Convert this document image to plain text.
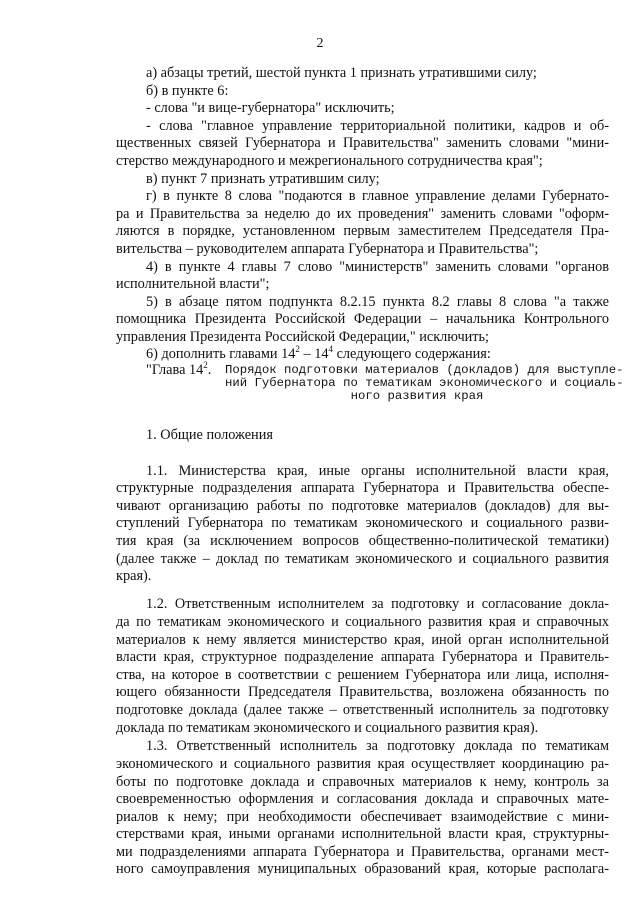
2
а) абзацы третий, шестой пункта 1 признать утратившими силу;
б) в пункте 6:
- слова "и вице-губернатора" исключить;
- слова "главное управление территориальной политики, кадров и об-
щественных связей Губернатора и Правительства" заменить словами "мини-
стерство международного и межрегионального сотрудничества края";
в) пункт 7 признать утратившим силу;
г) в пункте 8 слова "подаются в главное управление делами Губернато-
ра и Правительства за неделю до их проведения" заменить словами "оформ-
ляются в порядке, установленном первым заместителем Председателя Пра-
вительства – руководителем аппарата Губернатора и Правительства";
4) в пункте 4 главы 7 слово "министерств" заменить словами "органов
исполнительной власти";
5) в абзаце пятом подпункта 8.2.15 пункта 8.2 главы 8 слова "а также
помощника Президента Российской Федерации – начальника Контрольного
управления Президента Российской Федерации," исключить;
6) дополнить главами $14^2 - 14^4$ следующего содержания:
"Глава $14^2$. Порядок подготовки материалов (докладов) для выступле-
ний Губернатора по тематикам экономического и социаль-
ного развития края
1. Общие положения
1.1. Министерства края, иные органы исполнительной власти края,
структурные подразделения аппарата Губернатора и Правительства обеспе-
чивают организацию работы по подготовке материалов (докладов) для вы-
ступлений Губернатора по тематикам экономического и социального разви-
тия края (за исключением вопросов общественно-политической тематики)
(далее также – доклад по тематикам экономического и социального развития
края).
1.2. Ответственным исполнителем за подготовку и согласование докла-
да по тематикам экономического и социального развития края и справочных
материалов к нему является министерство края, иной орган исполнительной
власти края, структурное подразделение аппарата Губернатора и Правитель-
ства, на которое в соответствии с решением Губернатора или лица, исполня-
ющего обязанности Председателя Правительства, возложена обязанность по
подготовке доклада (далее также – ответственный исполнитель за подготовку
доклада по тематикам экономического и социального развития края).
1.3. Ответственный исполнитель за подготовку доклада по тематикам
экономического и социального развития края осуществляет координацию ра-
боты по подготовке доклада и справочных материалов к нему, контроль за
своевременностью оформления и согласования доклада и справочных мате-
риалов к нему; при необходимости обеспечивает взаимодействие с мини-
стерствами края, иными органами исполнительной власти края, структурны-
ми подразделениями аппарата Губернатора и Правительства, органами мест-
ного самоуправления муниципальных образований края, которые располага-
